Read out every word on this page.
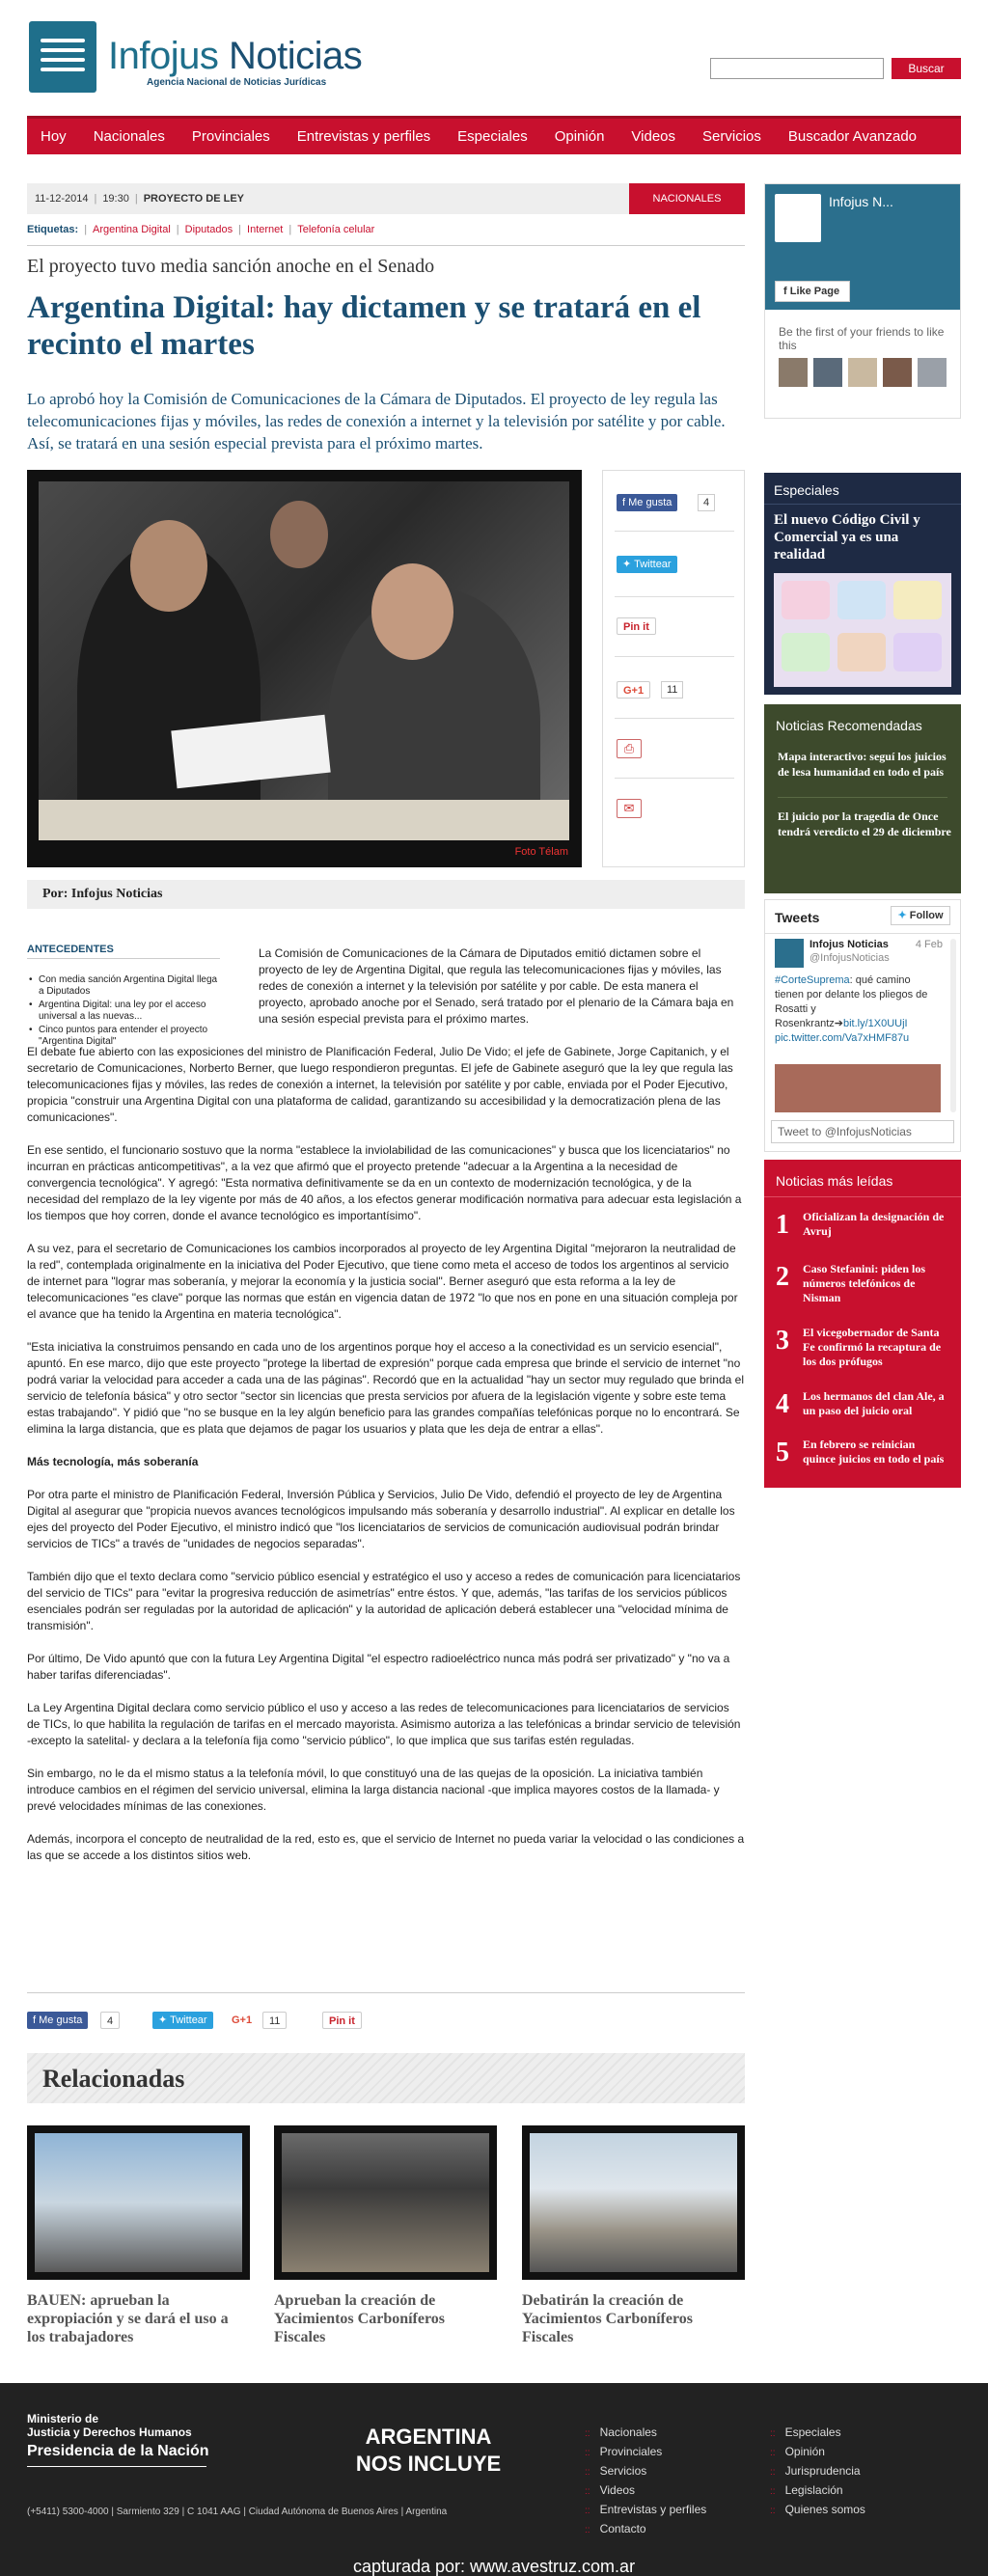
Infojus Noticias
Agencia Nacional de Noticias Jurídicas
Buscar
Hoy Nacionales Provinciales Entrevistas y perfiles Especiales Opinión Videos Servicios Buscador Avanzado
11-12-2014 | 19:30 | PROYECTO DE LEY	NACIONALES
Etiquetas: | Argentina Digital | Diputados | Internet | Telefonía celular
El proyecto tuvo media sanción anoche en el Senado
Argentina Digital: hay dictamen y se tratará en el recinto el martes
Lo aprobó hoy la Comisión de Comunicaciones de la Cámara de Diputados. El proyecto de ley regula las telecomunicaciones fijas y móviles, las redes de conexión a internet y la televisión por satélite y por cable. Así, se tratará en una sesión especial prevista para el próximo martes.
Foto Télam
f Me gusta	4
✦ Twittear
Pin it
G+1	11
⎙
✉
Por: Infojus Noticias
ANTECEDENTES
• Con media sanción Argentina Digital llega a Diputados
• Argentina Digital: una ley por el acceso universal a las nuevas...
• Cinco puntos para entender el proyecto "Argentina Digital"

La Comisión de Comunicaciones de la Cámara de Diputados emitió dictamen sobre el proyecto de ley de Argentina Digital, que regula las telecomunicaciones fijas y móviles, las redes de conexión a internet y la televisión por satélite y por cable. De esta manera el proyecto, aprobado anoche por el Senado, será tratado por el plenario de la Cámara baja en una sesión especial prevista para el próximo martes.

El debate fue abierto con las exposiciones del ministro de Planificación Federal, Julio De Vido; el jefe de Gabinete, Jorge Capitanich, y el secretario de Comunicaciones, Norberto Berner, que luego respondieron preguntas. El jefe de Gabinete aseguró que la ley que regula las telecomunicaciones fijas y móviles, las redes de conexión a internet, la televisión por satélite y por cable, enviada por el Poder Ejecutivo, propicia "construir una Argentina Digital con una plataforma de calidad, garantizando su accesibilidad y la democratización plena de las comunicaciones".

En ese sentido, el funcionario sostuvo que la norma "establece la inviolabilidad de las comunicaciones" y busca que los licenciatarios" no incurran en prácticas anticompetitivas", a la vez que afirmó que el proyecto pretende "adecuar a la Argentina a la necesidad de convergencia tecnológica". Y agregó: "Esta normativa definitivamente se da en un contexto de modernización tecnológica, y de la necesidad del remplazo de la ley vigente por más de 40 años, a los efectos generar modificación normativa para adecuar esta legislación a los tiempos que hoy corren, donde el avance tecnológico es importantísimo".

A su vez, para el secretario de Comunicaciones los cambios incorporados al proyecto de ley Argentina Digital "mejoraron la neutralidad de la red", contemplada originalmente en la iniciativa del Poder Ejecutivo, que tiene como meta el acceso de todos los argentinos al servicio de internet para "lograr mas soberanía, y mejorar la economía y la justicia social". Berner aseguró que esta reforma a la ley de telecomunicaciones "es clave" porque las normas que están en vigencia datan de 1972 "lo que nos en pone en una situación compleja por el avance que ha tenido la Argentina en materia tecnológica".

"Esta iniciativa la construimos pensando en cada uno de los argentinos porque hoy el acceso a la conectividad es un servicio esencial", apuntó. En ese marco, dijo que este proyecto "protege la libertad de expresión" porque cada empresa que brinde el servicio de internet "no podrá variar la velocidad para acceder a cada una de las páginas". Recordó que en la actualidad "hay un sector muy regulado que brinda el servicio de telefonía básica" y otro sector "sector sin licencias que presta servicios por afuera de la legislación vigente y sobre este tema estas trabajando". Y pidió que "no se busque en la ley algún beneficio para las grandes compañías telefónicas porque no lo encontrará. Se elimina la larga distancia, que es plata que dejamos de pagar los usuarios y plata que les deja de entrar a ellas".

Más tecnología, más soberanía

Por otra parte el ministro de Planificación Federal, Inversión Pública y Servicios, Julio De Vido, defendió el proyecto de ley de Argentina Digital al asegurar que "propicia nuevos avances tecnológicos impulsando más soberanía y desarrollo industrial". Al explicar en detalle los ejes del proyecto del Poder Ejecutivo, el ministro indicó que "los licenciatarios de servicios de comunicación audiovisual podrán brindar servicios de TICs" a través de "unidades de negocios separadas".

También dijo que el texto declara como "servicio público esencial y estratégico el uso y acceso a redes de comunicación para licenciatarios del servicio de TICs" para "evitar la progresiva reducción de asimetrías" entre éstos. Y que, además, "las tarifas de los servicios públicos esenciales podrán ser reguladas por la autoridad de aplicación" y la autoridad de aplicación deberá establecer una "velocidad mínima de transmisión".

Por último, De Vido apuntó que con la futura Ley Argentina Digital "el espectro radioeléctrico nunca más podrá ser privatizado" y "no va a haber tarifas diferenciadas".

La Ley Argentina Digital declara como servicio público el uso y acceso a las redes de telecomunicaciones para licenciatarios de servicios de TICs, lo que habilita la regulación de tarifas en el mercado mayorista. Asimismo autoriza a las telefónicas a brindar servicio de televisión -excepto la satelital- y declara a la telefonía fija como "servicio público", lo que implica que sus tarifas estén reguladas.

Sin embargo, no le da el mismo status a la telefonía móvil, lo que constituyó una de las quejas de la oposición. La iniciativa también introduce cambios en el régimen del servicio universal, elimina la larga distancia nacional -que implica mayores costos de la llamada- y prevé velocidades mínimas de las conexiones.

Además, incorpora el concepto de neutralidad de la red, esto es, que el servicio de Internet no pueda variar la velocidad o las condiciones a las que se accede a los distintos sitios web.

f Me gusta	4	✦ Twittear	G+1	11	Pin it
Relacionadas
BAUEN: aprueban la expropiación y se dará el uso a los trabajadores
Aprueban la creación de Yacimientos Carboníferos Fiscales
Debatirán la creación de Yacimientos Carboníferos Fiscales
Infojus N...
f Like Page
Be the first of your friends to like this
Especiales
El nuevo Código Civil y Comercial ya es una realidad
Noticias Recomendadas
Mapa interactivo: seguí los juicios de lesa humanidad en todo el país
El juicio por la tragedia de Once tendrá veredicto el 29 de diciembre
Tweets	✦ Follow
Infojus Noticias
@InfojusNoticias
4 Feb
#CorteSuprema: qué camino tienen por delante los pliegos de Rosatti y Rosenkrantz➔bit.ly/1X0UUjI pic.twitter.com/Va7xHMF87u
Tweet to @InfojusNoticias
Noticias más leídas
1 Oficializan la designación de Avruj
2 Caso Stefanini: piden los números telefónicos de Nisman
3 El vicegobernador de Santa Fe confirmó la recaptura de los dos prófugos
4 Los hermanos del clan Ale, a un paso del juicio oral
5 En febrero se reinician quince juicios en todo el país
Ministerio de
Justicia y Derechos Humanos
Presidencia de la Nación
(+5411) 5300-4000 | Sarmiento 329 | C 1041 AAG | Ciudad Autónoma de Buenos Aires | Argentina
ARGENTINA
NOS INCLUYE
:: Nacionales
:: Provinciales
:: Servicios
:: Videos
:: Entrevistas y perfiles
:: Contacto
:: Especiales
:: Opinión
:: Jurisprudencia
:: Legislación
:: Quienes somos
capturada por: www.avestruz.com.ar
